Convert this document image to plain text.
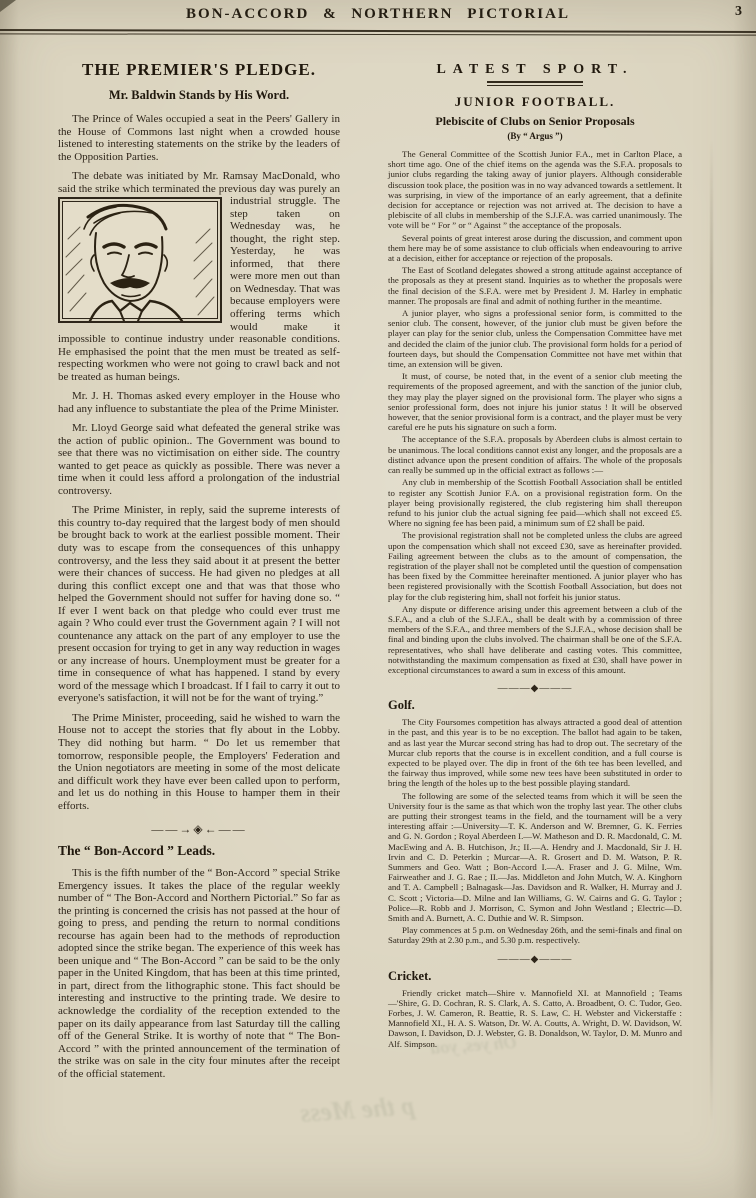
BON-ACCORD & NORTHERN PICTORIAL	3
THE PREMIER'S PLEDGE.
Mr. Baldwin Stands by His Word.

The Prince of Wales occupied a seat in the Peers' Gallery in the House of Commons last night when a crowded house listened to interesting statements on the strike by the leaders of the Opposition Parties.

The debate was initiated by Mr. Ramsay MacDonald, who said the strike which terminated the previous day was purely an industrial struggle. The step taken on Wednesday was, he thought, the right step. Yesterday, he was informed, that there were more men out than on Wednesday. That was because employers were offering terms which would make it impossible to continue industry under reasonable conditions. He emphasised the point that the men must be treated as self-respecting workmen who were not going to crawl back and not be treated as human beings.

Mr. J. H. Thomas asked every employer in the House who had any influence to substantiate the plea of the Prime Minister.

Mr. Lloyd George said what defeated the general strike was the action of public opinion.. The Government was bound to see that there was no victimisation on either side. The country wanted to get peace as quickly as possible. There was never a time when it could less afford a prolongation of the industrial controversy.

The Prime Minister, in reply, said the supreme interests of this country to-day required that the largest body of men should be brought back to work at the earliest possible moment. Their duty was to escape from the consequences of this unhappy controversy, and the less they said about it at present the better were their chances of success. He had given no pledges at all during this conflict except one and that was that those who helped the Government should not suffer for having done so. “ If ever I went back on that pledge who could ever trust me again ? Who could ever trust the Government again ? I will not countenance any attack on the part of any employer to use the present occasion for trying to get in any way reduction in wages or any increase of hours. Unemployment must be greater for a time in consequence of what has happened. I stand by every word of the message which I broadcast. If I fail to carry it out to everyone's satisfaction, it will not be for the want of trying.”

The Prime Minister, proceeding, said he wished to warn the House not to accept the stories that fly about in the Lobby. They did nothing but harm. “ Do let us remember that tomorrow, responsible people, the Employers' Federation and the Union negotiators are meeting in some of the most delicate and difficult work they have ever been called upon to perform, and let us do nothing in this House to hamper them in their efforts.

——→◈←——
The “ Bon-Accord ” Leads.

This is the fifth number of the “ Bon-Accord ” special Strike Emergency issues. It takes the place of the regular weekly number of “ The Bon-Accord and Northern Pictorial.” So far as the printing is concerned the crisis has not passed at the hour of going to press, and pending the return to normal conditions recourse has again been had to the methods of reproduction adopted since the strike began. The experience of this week has been unique and “ The Bon-Accord ” can be said to be the only paper in the United Kingdom, that has been at this time printed, in part, direct from the lithographic stone. This fact should be interesting and instructive to the printing trade. We desire to acknowledge the cordiality of the reception extended to the paper on its daily appearance from last Saturday till the calling off of the General Strike. It is worthy of note that “ The Bon-Accord ” with the printed announcement of the termination of the strike was on sale in the city four minutes after the receipt of the official statement.

LATEST SPORT.
JUNIOR FOOTBALL.
Plebiscite of Clubs on Senior Proposals
(By “ Argus ”)

The General Committee of the Scottish Junior F.A., met in Carlton Place, a short time ago. One of the chief items on the agenda was the S.F.A. proposals to junior clubs regarding the taking away of junior players. Although considerable discussion took place, the position was in no way advanced towards a settlement. It was surprising, in view of the importance of an early agreement, that a definite decision for acceptance or rejection was not arrived at. The decision to have a plebiscite of all clubs in membership of the S.J.F.A. was carried unanimously. The vote will be “ For ” or “ Against ” the acceptance of the proposals.

Several points of great interest arose during the discussion, and comment upon them here may be of some assistance to club officials when endeavouring to arrive at a decision, either for acceptance or rejection of the proposals.

The East of Scotland delegates showed a strong attitude against acceptance of the proposals as they at present stand. Inquiries as to whether the proposals were the final decision of the S.F.A. were met by President J. M. Harley in emphatic manner. The proposals are final and admit of nothing further in the meantime.

A junior player, who signs a professional senior form, is committed to the senior club. The consent, however, of the junior club must be given before the player can play for the senior club, unless the Compensation Committee have met and decided the claim of the junior club. The provisional form holds for a period of fourteen days, but should the Compensation Committee not have met within that time, an extension will be given.

It must, of course, be noted that, in the event of a senior club meeting the requirements of the proposed agreement, and with the sanction of the junior club, they may play the player signed on the provisional form. The player who signs a senior professional form, does not injure his junior status ! It will be observed however, that the senior provisional form is a contract, and the player must be very careful ere he puts his signature on such a form.

The acceptance of the S.F.A. proposals by Aberdeen clubs is almost certain to be unanimous. The local conditions cannot exist any longer, and the proposals are a distinct advance upon the present condition of affairs. The whole of the proposals can really be summed up in the official extract as follows :—

Any club in membership of the Scottish Football Association shall be entitled to register any Scottish Junior F.A. on a provisional registration form. On the player being provisionally registered, the club registering him shall thereupon refund to his junior club the actual signing fee paid—which shall not exceed £5. Where no signing fee has been paid, a minimum sum of £2 shall be paid.

The provisional registration shall not be completed unless the clubs are agreed upon the compensation which shall not exceed £30, save as hereinafter provided. Failing agreement between the clubs as to the amount of compensation, the registration of the player shall not be completed until the question of compensation has been fixed by the Committee hereinafter mentioned. A junior player who has been registered provisionally with the Scottish Football Association, but does not play for the club registering him, shall not forfeit his junior status.

Any dispute or difference arising under this agreement between a club of the S.F.A., and a club of the S.J.F.A., shall be dealt with by a commission of three members of the S.F.A., and three members of the S.J.F.A., whose decision shall be final and binding upon the clubs involved. The chairman shall be one of the S.F.A. representatives, who shall have deliberate and casting votes. This committee, notwithstanding the maximum compensation as fixed at £30, shall have power in exceptional circumstances to award a sum in excess of this amount.

———◆———
Golf.

The City Foursomes competition has always attracted a good deal of attention in the past, and this year is to be no exception. The ballot had again to be taken, and as last year the Murcar second string has had to drop out. The secretary of the Murcar club reports that the course is in excellent condition, and a full course is expected to be played over. The dip in front of the 6th tee has been levelled, and the fairway thus improved, while some new tees have been substituted in order to bring the length of the holes up to the best possible playing standard.

The following are some of the selected teams from which it will be seen the University four is the same as that which won the trophy last year. The other clubs are putting their strongest teams in the field, and the tournament will be a very interesting affair :—University—T. K. Anderson and W. Bremner, G. K. Ferries and G. N. Gordon ; Royal Aberdeen I.—W. Matheson and D. R. Macdonald, C. M. MacEwing and A. B. Hutchison, Jr.; II.—A. Hendry and J. Macdonald, Sir J. H. Irvin and C. D. Peterkin ; Murcar—A. R. Grosert and D. M. Watson, P. R. Summers and Geo. Watt ; Bon-Accord I.—A. Fraser and J. G. Milne, Wm. Fairweather and J. G. Rae ; II.—Jas. Middleton and John Mutch, W. A. Kinghorn and T. A. Campbell ; Balnagask—Jas. Davidson and R. Walker, H. Murray and J. C. Scott ; Victoria—D. Milne and Ian Williams, G. W. Cairns and G. G. Taylor ; Police—R. Robb and J. Morrison, C. Symon and John Westland ; Electric—D. Smith and A. Burnett, A. C. Duthie and W. R. Simpson.

Play commences at 5 p.m. on Wednesday 26th, and the semi-finals and final on Saturday 29th at 2.30 p.m., and 5.30 p.m. respectively.

———◆———
Cricket.

Friendly cricket match—Shire v. Mannofield XI. at Mannofield ; Teams—'Shire, G. D. Cochran, R. S. Clark, A. S. Catto, A. Broadbent, O. C. Tudor, Geo. Forbes, J. W. Cameron, R. Beattie, R. S. Law, C. H. Webster and Vickerstaffe : Mannofield XI., H. A. S. Watson, Dr. W. A. Coutts, A. Wright, D. W. Davidson, W. Dawson, I. Davidson, D. J. Webster, G. B. Donaldson, W. Taylor, D. M. Munro and Alf. Simpson.

p the Mess
Oh yes, you
